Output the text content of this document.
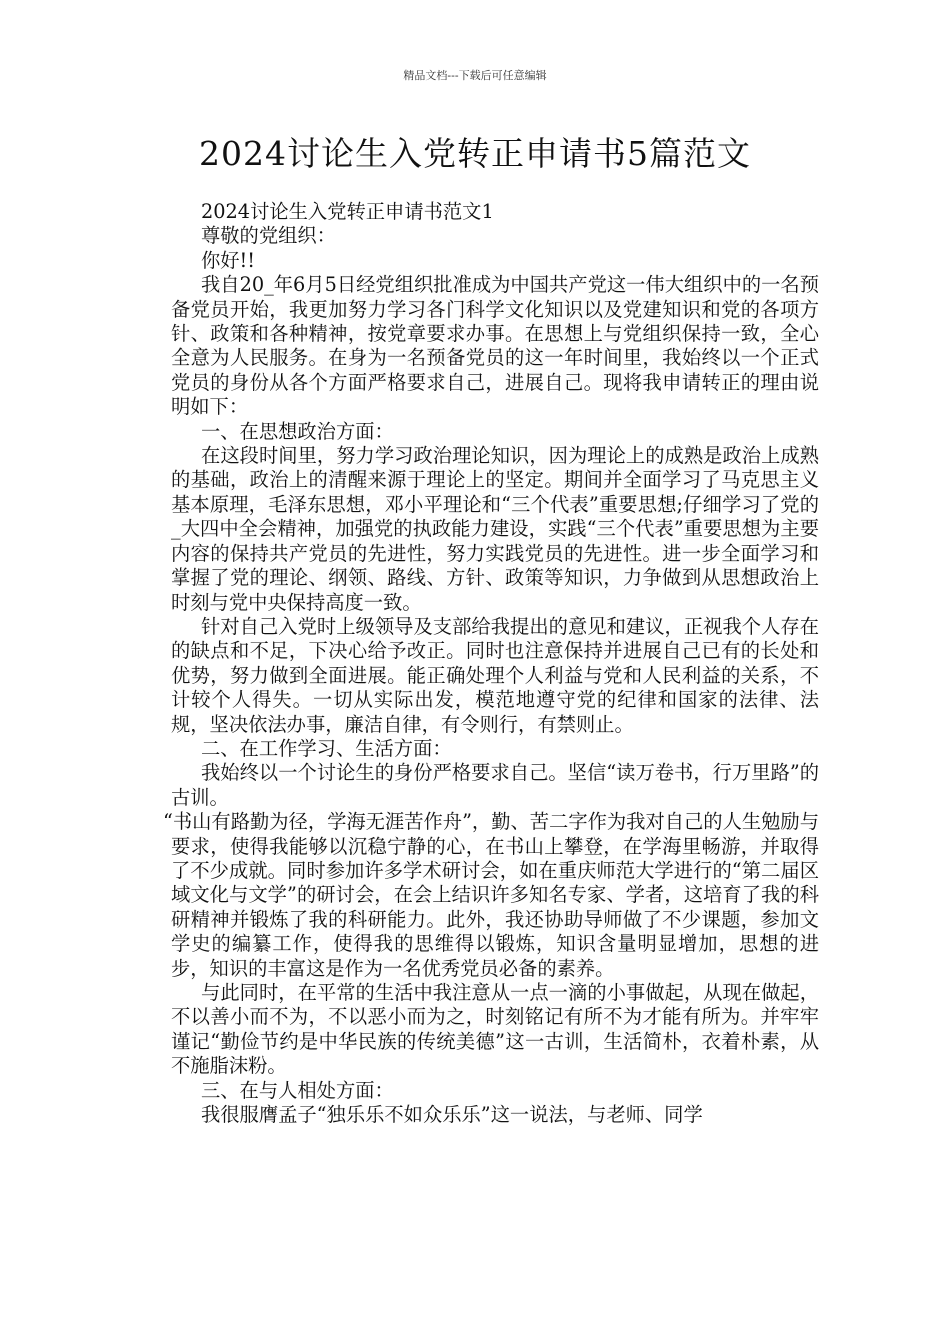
精品文档---下载后可任意编辑
2024讨论生入党转正申请书5篇范文

2024讨论生入党转正申请书范文1

尊敬的党组织：

你好!!

我自20_年6月5日经党组织批准成为中国共产党这一伟大组织中的一名预备党员开始，我更加努力学习各门科学文化知识以及党建知识和党的各项方针、政策和各种精神，按党章要求办事。在思想上与党组织保持一致，全心全意为人民服务。在身为一名预备党员的这一年时间里，我始终以一个正式党员的身份从各个方面严格要求自己，进展自己。现将我申请转正的理由说明如下：

一、在思想政治方面：

在这段时间里，努力学习政治理论知识，因为理论上的成熟是政治上成熟的基础，政治上的清醒来源于理论上的坚定。期间并全面学习了马克思主义基本原理，毛泽东思想，邓小平理论和“三个代表”重要思想;仔细学习了党的_大四中全会精神，加强党的执政能力建设，实践“三个代表”重要思想为主要内容的保持共产党员的先进性，努力实践党员的先进性。进一步全面学习和掌握了党的理论、纲领、路线、方针、政策等知识，力争做到从思想政治上时刻与党中央保持高度一致。

针对自己入党时上级领导及支部给我提出的意见和建议，正视我个人存在的缺点和不足，下决心给予改正。同时也注意保持并进展自己已有的长处和优势，努力做到全面进展。能正确处理个人利益与党和人民利益的关系，不计较个人得失。一切从实际出发，模范地遵守党的纪律和国家的法律、法规，坚决依法办事，廉洁自律，有令则行，有禁则止。

二、在工作学习、生活方面：

我始终以一个讨论生的身份严格要求自己。坚信“读万卷书，行万里路”的古训。

“书山有路勤为径，学海无涯苦作舟”，勤、苦二字作为我对自己的人生勉励与要求，使得我能够以沉稳宁静的心，在书山上攀登，在学海里畅游，并取得了不少成就。同时参加许多学术研讨会，如在重庆师范大学进行的“第二届区域文化与文学”的研讨会，在会上结识许多知名专家、学者，这培育了我的科研精神并锻炼了我的科研能力。此外，我还协助导师做了不少课题，参加文学史的编纂工作，使得我的思维得以锻炼，知识含量明显增加，思想的进步，知识的丰富这是作为一名优秀党员必备的素养。

与此同时，在平常的生活中我注意从一点一滴的小事做起，从现在做起，不以善小而不为，不以恶小而为之，时刻铭记有所不为才能有所为。并牢牢谨记“勤俭节约是中华民族的传统美德”这一古训，生活简朴，衣着朴素，从不施脂沫粉。

三、在与人相处方面：

我很服膺孟子“独乐乐不如众乐乐”这一说法，与老师、同学
